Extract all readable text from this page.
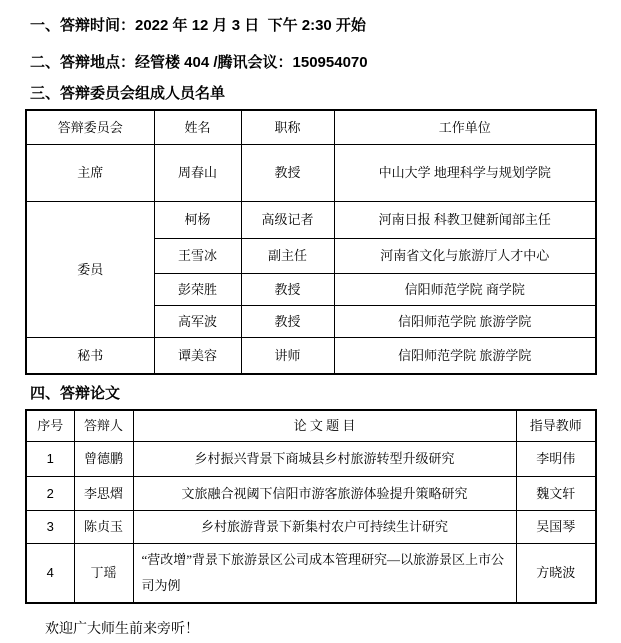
一、答辩时间：2022 年 12 月 3 日  下午 2:30 开始

二、答辩地点：经管楼 404 /腾讯会议：150954070

三、答辩委员会组成人员名单

答辩委员会	姓名	职称	工作单位
主席	周春山	教授	中山大学 地理科学与规划学院
委员	柯杨	高级记者	河南日报 科教卫健新闻部主任
	王雪冰	副主任	河南省文化与旅游厅人才中心
	彭荣胜	教授	信阳师范学院 商学院
	高军波	教授	信阳师范学院 旅游学院
秘书	谭美容	讲师	信阳师范学院 旅游学院

四、答辩论文

序号	答辩人	论 文 题 目	指导教师
1	曾德鹏	乡村振兴背景下商城县乡村旅游转型升级研究	李明伟
2	李思熠	文旅融合视阈下信阳市游客旅游体验提升策略研究	魏文轩
3	陈贞玉	乡村旅游背景下新集村农户可持续生计研究	吴国琴
4	丁瑶	“营改增”背景下旅游景区公司成本管理研究—以旅游景区上市公司为例	方晓波

欢迎广大师生前来旁听！
